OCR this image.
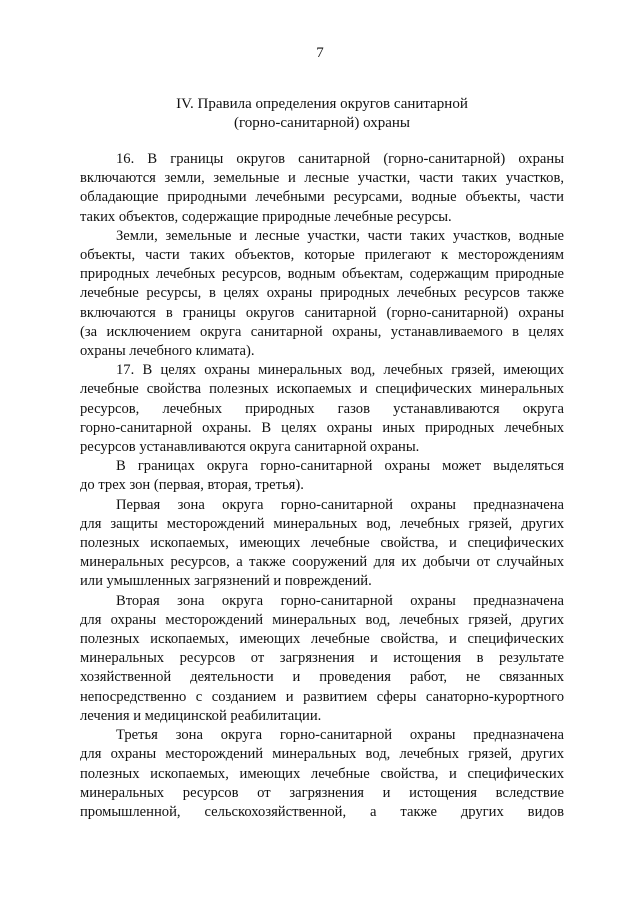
7
IV. Правила определения округов санитарной
(горно-санитарной) охраны
16. В границы округов санитарной (горно-санитарной) охраны
включаются земли, земельные и лесные участки, части таких участков,
обладающие природными лечебными ресурсами, водные объекты, части
таких объектов, содержащие природные лечебные ресурсы.
Земли, земельные и лесные участки, части таких участков, водные
объекты, части таких объектов, которые прилегают к месторождениям
природных лечебных ресурсов, водным объектам, содержащим природные
лечебные ресурсы, в целях охраны природных лечебных ресурсов также
включаются в границы округов санитарной (горно-санитарной) охраны
(за исключением округа санитарной охраны, устанавливаемого в целях
охраны лечебного климата).
17. В целях охраны минеральных вод, лечебных грязей, имеющих
лечебные свойства полезных ископаемых и специфических минеральных
ресурсов, лечебных природных газов устанавливаются округа
горно-санитарной охраны. В целях охраны иных природных лечебных
ресурсов устанавливаются округа санитарной охраны.
В границах округа горно-санитарной охраны может выделяться
до трех зон (первая, вторая, третья).
Первая зона округа горно-санитарной охраны предназначена
для защиты месторождений минеральных вод, лечебных грязей, других
полезных ископаемых, имеющих лечебные свойства, и специфических
минеральных ресурсов, а также сооружений для их добычи от случайных
или умышленных загрязнений и повреждений.
Вторая зона округа горно-санитарной охраны предназначена
для охраны месторождений минеральных вод, лечебных грязей, других
полезных ископаемых, имеющих лечебные свойства, и специфических
минеральных ресурсов от загрязнения и истощения в результате
хозяйственной деятельности и проведения работ, не связанных
непосредственно с созданием и развитием сферы санаторно-курортного
лечения и медицинской реабилитации.
Третья зона округа горно-санитарной охраны предназначена
для охраны месторождений минеральных вод, лечебных грязей, других
полезных ископаемых, имеющих лечебные свойства, и специфических
минеральных ресурсов от загрязнения и истощения вследствие
промышленной, сельскохозяйственной, а также других видов
